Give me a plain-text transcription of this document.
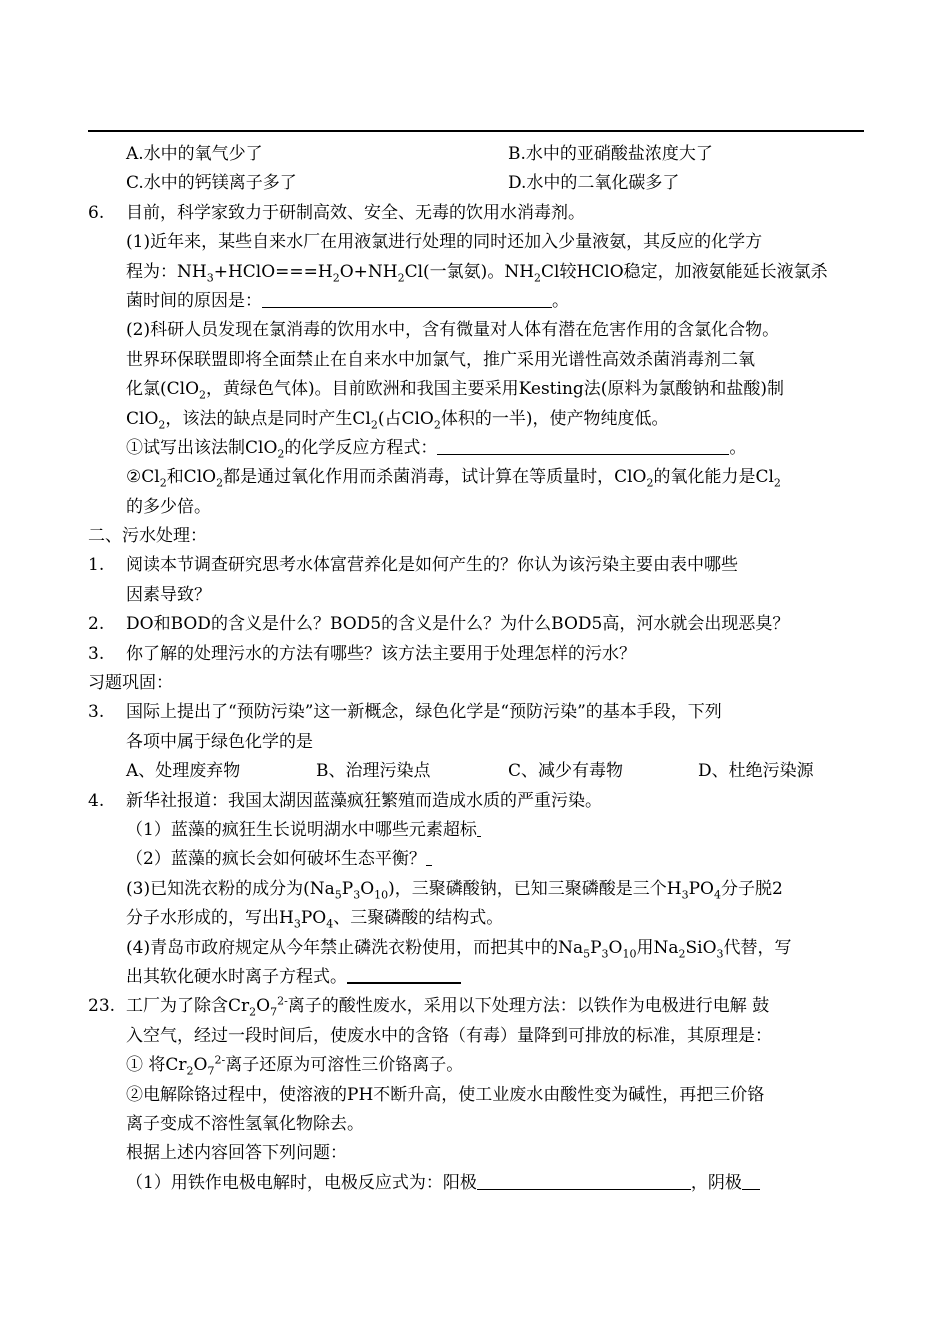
A.水中的氧气少了	B.水中的亚硝酸盐浓度大了
C.水中的钙镁离子多了	D.水中的二氧化碳多了
6. 目前，科学家致力于研制高效、安全、无毒的饮用水消毒剂。
(1)近年来，某些自来水厂在用液氯进行处理的同时还加入少量液氨，其反应的化学方
程为：$NH_3+HClO===H_2O+NH_2Cl$(一氯氨)。$NH_2Cl$较HClO稳定，加液氨能延长液氯杀
菌时间的原因是：	。
(2)科研人员发现在氯消毒的饮用水中，含有微量对人体有潜在危害作用的含氯化合物。
世界环保联盟即将全面禁止在自来水中加氯气，推广采用光谱性高效杀菌消毒剂二氧
化氯(ClO$_2$，黄绿色气体)。目前欧洲和我国主要采用Kesting法(原料为氯酸钠和盐酸)制
ClO$_2$，该法的缺点是同时产生$Cl_2$(占ClO$_2$体积的一半)，使产物纯度低。
①试写出该法制ClO$_2$的化学反应方程式：	。
$②Cl_2$和ClO$_2$都是通过氧化作用而杀菌消毒，试计算在等质量时，ClO$_2$的氧化能力是$Cl_2$
的多少倍。
二、污水处理：
1. 阅读本节调查研究思考水体富营养化是如何产生的？你认为该污染主要由表中哪些
因素导致？
2. DO和BOD的含义是什么？BOD5的含义是什么？为什么BOD5高，河水就会出现恶臭？
3. 你了解的处理污水的方法有哪些？该方法主要用于处理怎样的污水？
习题巩固：
3. 国际上提出了“预防污染”这一新概念，绿色化学是“预防污染”的基本手段，下列
各项中属于绿色化学的是
A、处理废弃物	B、治理污染点	C、减少有毒物	D、杜绝污染源
4. 新华社报道：我国太湖因蓝藻疯狂繁殖而造成水质的严重污染。
（1）蓝藻的疯狂生长说明湖水中哪些元素超标
（2）蓝藻的疯长会如何破坏生态平衡？
(3)已知洗衣粉的成分为$(Na_5P_3O_{10})$，三聚磷酸钠，已知三聚磷酸是三个$H_3PO_4$分子脱2
分子水形成的，写出$H_3PO_4$、三聚磷酸的结构式。
(4)青岛市政府规定从今年禁止磷洗衣粉使用，而把其中的$Na_5P_3O_{10}$用$Na_2SiO_3$代替，写
出其软化硬水时离子方程式。
23. 工厂为了除含$Cr_2O_7^{2-}$离子的酸性废水，采用以下处理方法：以铁作为电极进行电解 鼓
入空气，经过一段时间后，使废水中的含铬（有毒）量降到可排放的标准，其原理是：
① 将$Cr_2O_7^{2-}$离子还原为可溶性三价铬离子。
②电解除铬过程中，使溶液的PH不断升高，使工业废水由酸性变为碱性，再把三价铬
离子变成不溶性氢氧化物除去。
根据上述内容回答下列问题：
（1）用铁作电极电解时，电极反应式为：阳极	，阴极
